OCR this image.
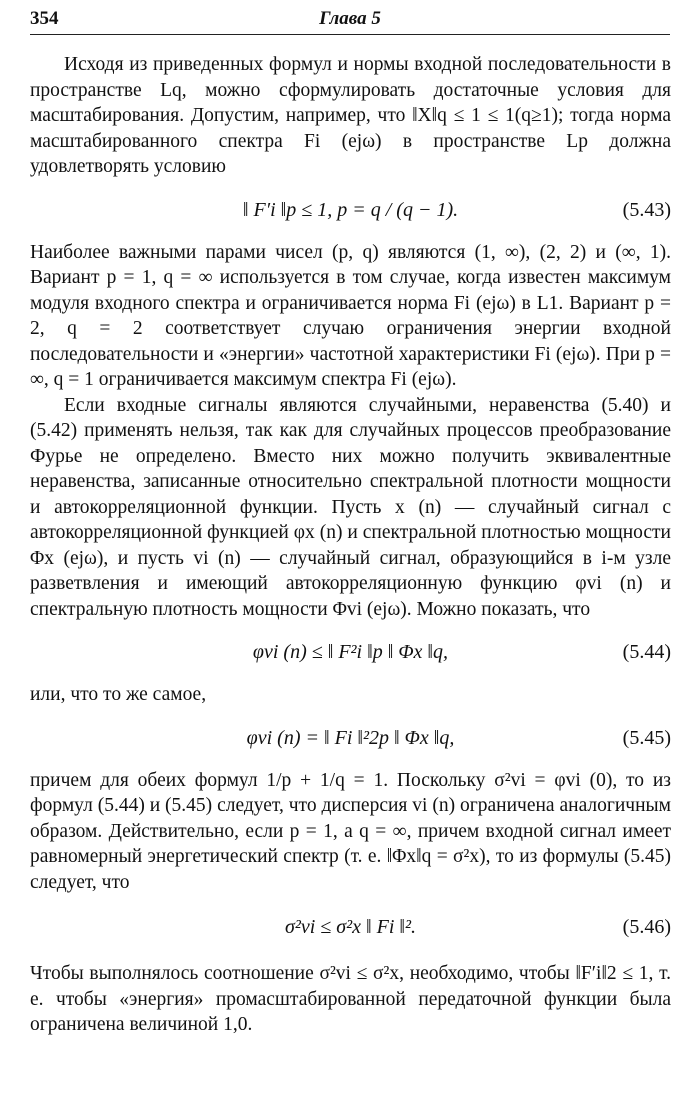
354	Глава 5

Исходя из приведенных формул и нормы входной последовательности в пространстве Lq, можно сформулировать достаточные условия для масштабирования. Допустим, например, что ‖X‖q ≤ 1 ≤ 1(q≥1); тогда норма масштабированного спектра Fi (ejω) в пространстве Lp должна удовлетворять условию

‖ F′i ‖p ≤ 1, p = q / (q − 1).	(5.43)

Наиболее важными парами чисел (p, q) являются (1, ∞), (2, 2) и (∞, 1). Вариант p = 1, q = ∞ используется в том случае, когда известен максимум модуля входного спектра и ограничивается норма Fi (ejω) в L1. Вариант p = 2, q = 2 соответствует случаю ограничения энергии входной последовательности и «энергии» частотной характеристики Fi (ejω). При p = ∞, q = 1 ограничивается максимум спектра Fi (ejω).

Если входные сигналы являются случайными, неравенства (5.40) и (5.42) применять нельзя, так как для случайных процессов преобразование Фурье не определено. Вместо них можно получить эквивалентные неравенства, записанные относительно спектральной плотности мощности и автокорреляционной функции. Пусть x (n) — случайный сигнал с автокорреляционной функцией φx (n) и спектральной плотностью мощности Φx (ejω), и пусть vi (n) — случайный сигнал, образующийся в i-м узле разветвления и имеющий автокорреляционную функцию φvi (n) и спектральную плотность мощности Φvi (ejω). Можно показать, что

φvi (n) ≤ ‖ F²i ‖p ‖ Φx ‖q,	(5.44)

или, что то же самое,

φvi (n) = ‖ Fi ‖²2p ‖ Φx ‖q,	(5.45)

причем для обеих формул 1/p + 1/q = 1. Поскольку σ²vi = φvi (0), то из формул (5.44) и (5.45) следует, что дисперсия vi (n) ограничена аналогичным образом. Действительно, если p = 1, а q = ∞, причем входной сигнал имеет равномерный энергетический спектр (т. е. ‖Φx‖q = σ²x), то из формулы (5.45) следует, что

σ²vi ≤ σ²x ‖ Fi ‖².	(5.46)

Чтобы выполнялось соотношение σ²vi ≤ σ²x, необходимо, чтобы ‖F′i‖2 ≤ 1, т. е. чтобы «энергия» промасштабированной передаточной функции была ограничена величиной 1,0.
